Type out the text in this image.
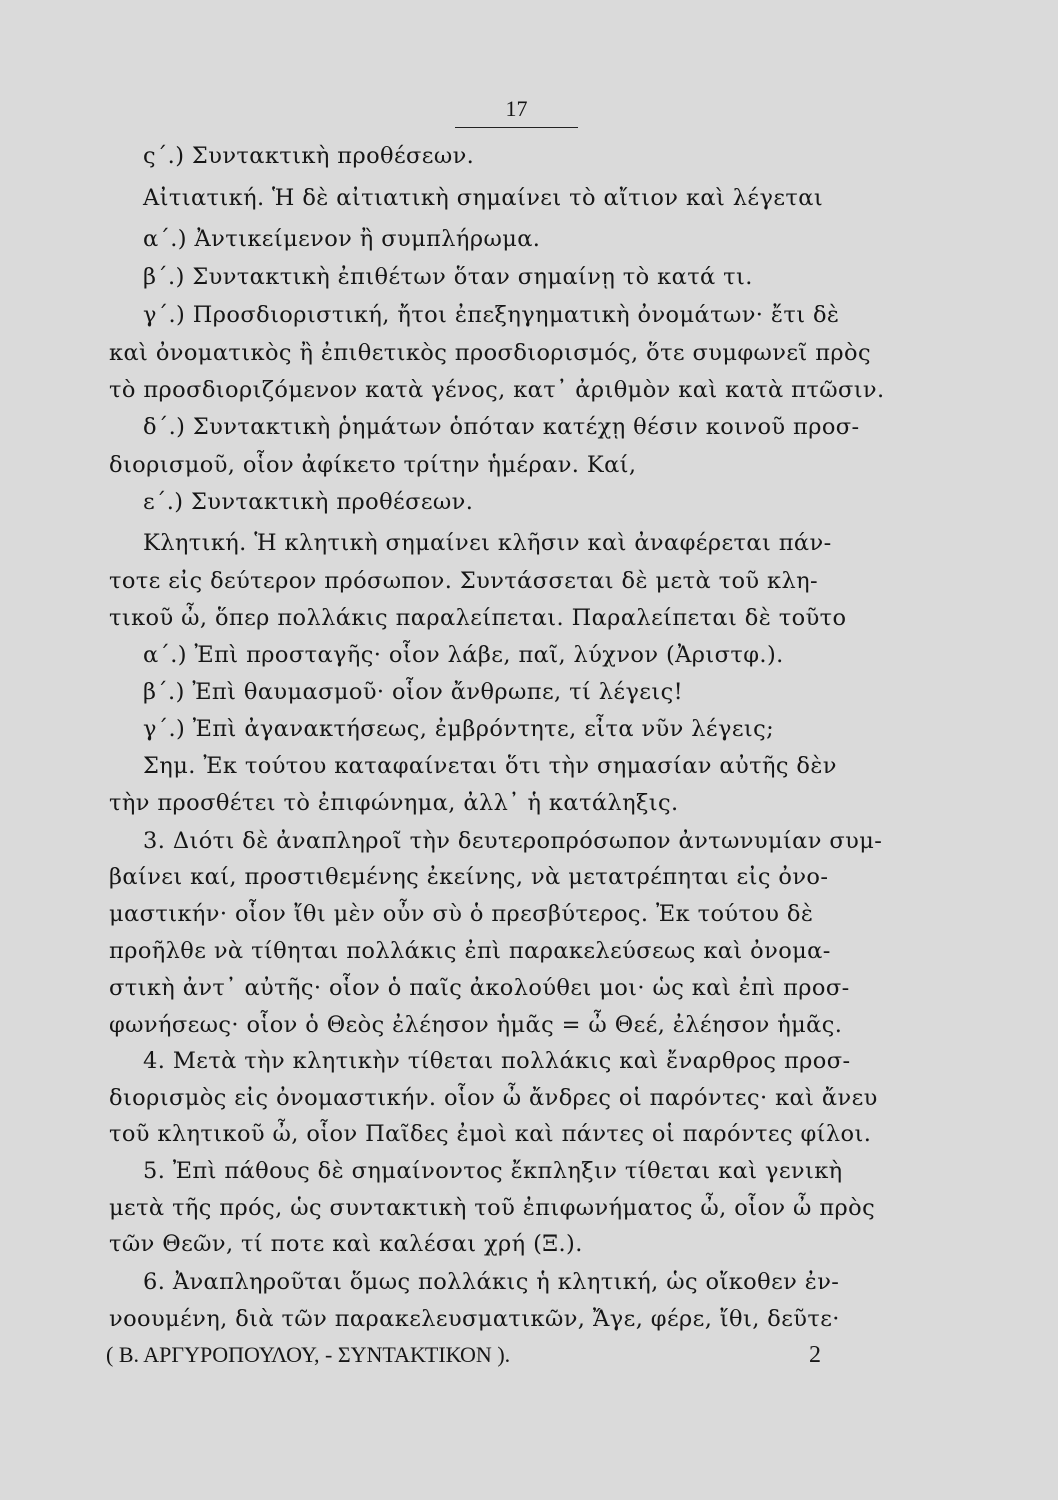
17
ς΄.) Συντακτικὴ προθέσεων.
Αἰτιατική. Ἡ δὲ αἰτιατικὴ σημαίνει τὸ αἴτιον καὶ λέγεται
α΄.) Ἀντικείμενον ἢ συμπλήρωμα.
β΄.) Συντακτικὴ ἐπιθέτων ὅταν σημαίνῃ τὸ κατά τι.
γ΄.) Προσδιοριστική, ἤτοι ἐπεξηγηματικὴ ὀνομάτων· ἔτι δὲ
καὶ ὀνοματικὸς ἢ ἐπιθετικὸς προσδιορισμός, ὅτε συμφωνεῖ πρὸς
τὸ προσδιοριζόμενον κατὰ γένος, κατ᾽ ἀριθμὸν καὶ κατὰ πτῶσιν.
δ΄.) Συντακτικὴ ῥημάτων ὁπόταν κατέχῃ θέσιν κοινοῦ προσ-
διορισμοῦ, οἷον ἀφίκετο τρίτην ἡμέραν. Καί,
ε΄.) Συντακτικὴ προθέσεων.
Κλητική. Ἡ κλητικὴ σημαίνει κλῆσιν καὶ ἀναφέρεται πάν-
τοτε εἰς δεύτερον πρόσωπον. Συντάσσεται δὲ μετὰ τοῦ κλη-
τικοῦ ὦ, ὅπερ πολλάκις παραλείπεται. Παραλείπεται δὲ τοῦτο
α΄.) Ἐπὶ προσταγῆς· οἷον λάβε, παῖ, λύχνον (Ἀριστφ.).
β΄.) Ἐπὶ θαυμασμοῦ· οἷον ἄνθρωπε, τί λέγεις!
γ΄.) Ἐπὶ ἀγανακτήσεως, ἐμβρόντητε, εἶτα νῦν λέγεις;
Σημ. Ἐκ τούτου καταφαίνεται ὅτι τὴν σημασίαν αὐτῆς δὲν
τὴν προσθέτει τὸ ἐπιφώνημα, ἀλλ᾽ ἡ κατάληξις.
3. Διότι δὲ ἀναπληροῖ τὴν δευτεροπρόσωπον ἀντωνυμίαν συμ-
βαίνει καί, προστιθεμένης ἐκείνης, νὰ μετατρέπηται εἰς ὀνο-
μαστικήν· οἷον ἴθι μὲν οὖν σὺ ὁ πρεσβύτερος. Ἐκ τούτου δὲ
προῆλθε νὰ τίθηται πολλάκις ἐπὶ παρακελεύσεως καὶ ὀνομα-
στικὴ ἀντ᾽ αὐτῆς· οἷον ὁ παῖς ἀκολούθει μοι· ὡς καὶ ἐπὶ προσ-
φωνήσεως· οἷον ὁ Θεὸς ἐλέησον ἡμᾶς = ὦ Θεέ, ἐλέησον ἡμᾶς.
4. Μετὰ τὴν κλητικὴν τίθεται πολλάκις καὶ ἔναρθρος προσ-
διορισμὸς εἰς ὀνομαστικήν. οἷον ὦ ἄνδρες οἱ παρόντες· καὶ ἄνευ
τοῦ κλητικοῦ ὦ, οἷον Παῖδες ἐμοὶ καὶ πάντες οἱ παρόντες φίλοι.
5. Ἐπὶ πάθους δὲ σημαίνοντος ἔκπληξιν τίθεται καὶ γενικὴ
μετὰ τῆς πρός, ὡς συντακτικὴ τοῦ ἐπιφωνήματος ὦ, οἷον ὦ πρὸς
τῶν Θεῶν, τί ποτε καὶ καλέσαι χρή (Ξ.).
6. Ἀναπληροῦται ὅμως πολλάκις ἡ κλητική, ὡς οἴκοθεν ἐν-
νοουμένη, διὰ τῶν παρακελευσματικῶν, Ἄγε, φέρε, ἴθι, δεῦτε·
( Β. ΑΡΓΥΡΟΠΟΥΛΟΥ, - ΣΥΝΤΑΚΤΙΚΟΝ ).	2
